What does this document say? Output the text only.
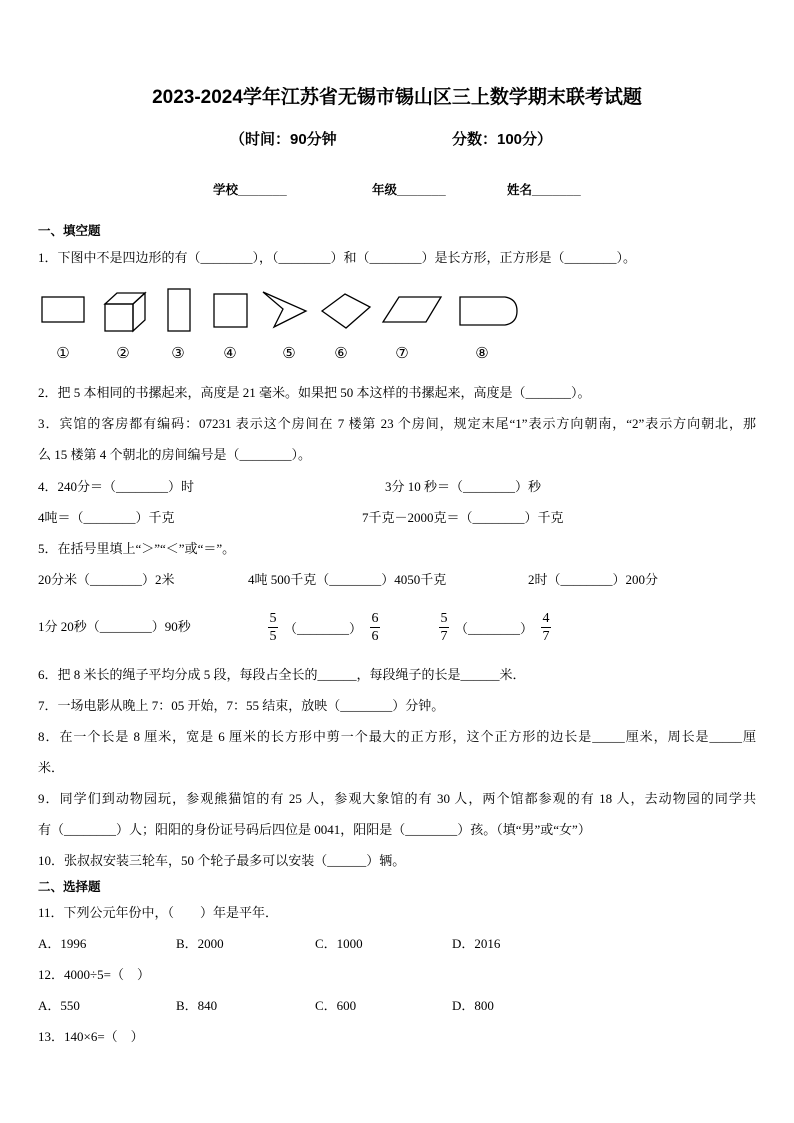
2023-2024学年江苏省无锡市锡山区三上数学期末联考试题
（时间：90分钟	分数：100分）
学校_______	年级_______	姓名_______
一、填空题
1．下图中不是四边形的有（________），（________）和（________）是长方形，正方形是（________）。
①	②	③	④	⑤	⑥	⑦	⑧
2．把 5 本相同的书摞起来，高度是 21 毫米。如果把 50 本这样的书摞起来，高度是（_______）。
3．宾馆的客房都有编码：07231 表示这个房间在 7 楼第 23 个房间，规定末尾“1”表示方向朝南，“2”表示方向朝北，那
么 15 楼第 4 个朝北的房间编号是（________）。
4．240分＝（________）时	3分 10 秒＝（________）秒
4吨＝（________）千克	7千克－2000克＝（________）千克
5．在括号里填上“＞”“＜”或“＝”。
20分米（________）2米	4吨 500千克（________）4050千克	2时（________）200分
1分 20秒（________）90秒	$\frac{5}{5}$ （________） $\frac{6}{6}$	$\frac{5}{7}$ （________） $\frac{4}{7}$
6．把 8 米长的绳子平均分成 5 段，每段占全长的______，每段绳子的长是______米．
7．一场电影从晚上 7：05 开始，7：55 结束，放映（________）分钟。
8．在一个长是 8 厘米，宽是 6 厘米的长方形中剪一个最大的正方形，这个正方形的边长是_____厘米，周长是_____厘
米．
9．同学们到动物园玩，参观熊猫馆的有 25 人，参观大象馆的有 30 人，两个馆都参观的有 18 人，去动物园的同学共
有（________）人；阳阳的身份证号码后四位是 0041，阳阳是（________）孩。（填“男”或“女”）
10．张叔叔安装三轮车，50 个轮子最多可以安装（______）辆。
二、选择题
11．下列公元年份中，（　　）年是平年．
A．1996	B．2000	C．1000	D．2016
12．4000÷5=（　）
A．550	B．840	C．600	D．800
13．140×6=（　）
